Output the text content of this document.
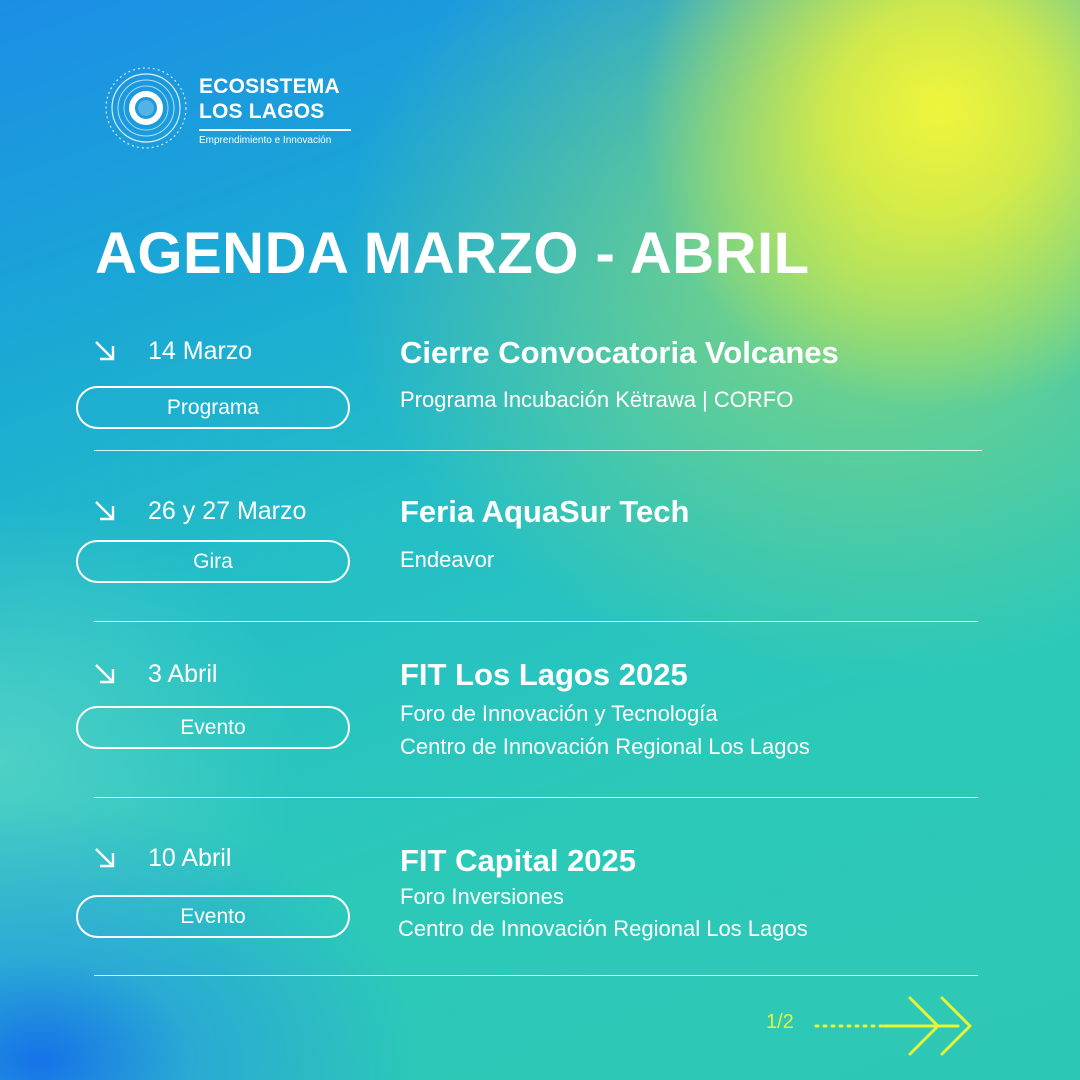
ECOSISTEMA
LOS LAGOS
Emprendimiento e Innovación
AGENDA MARZO - ABRIL
14 Marzo
Programa
Cierre Convocatoria Volcanes
Programa Incubación Këtrawa | CORFO
26 y 27 Marzo
Gira
Feria AquaSur Tech
Endeavor
3 Abril
Evento
FIT Los Lagos 2025
Foro de Innovación y Tecnología
Centro de Innovación Regional Los Lagos
10 Abril
Evento
FIT Capital 2025
Foro Inversiones
Centro de Innovación Regional Los Lagos
1/2
